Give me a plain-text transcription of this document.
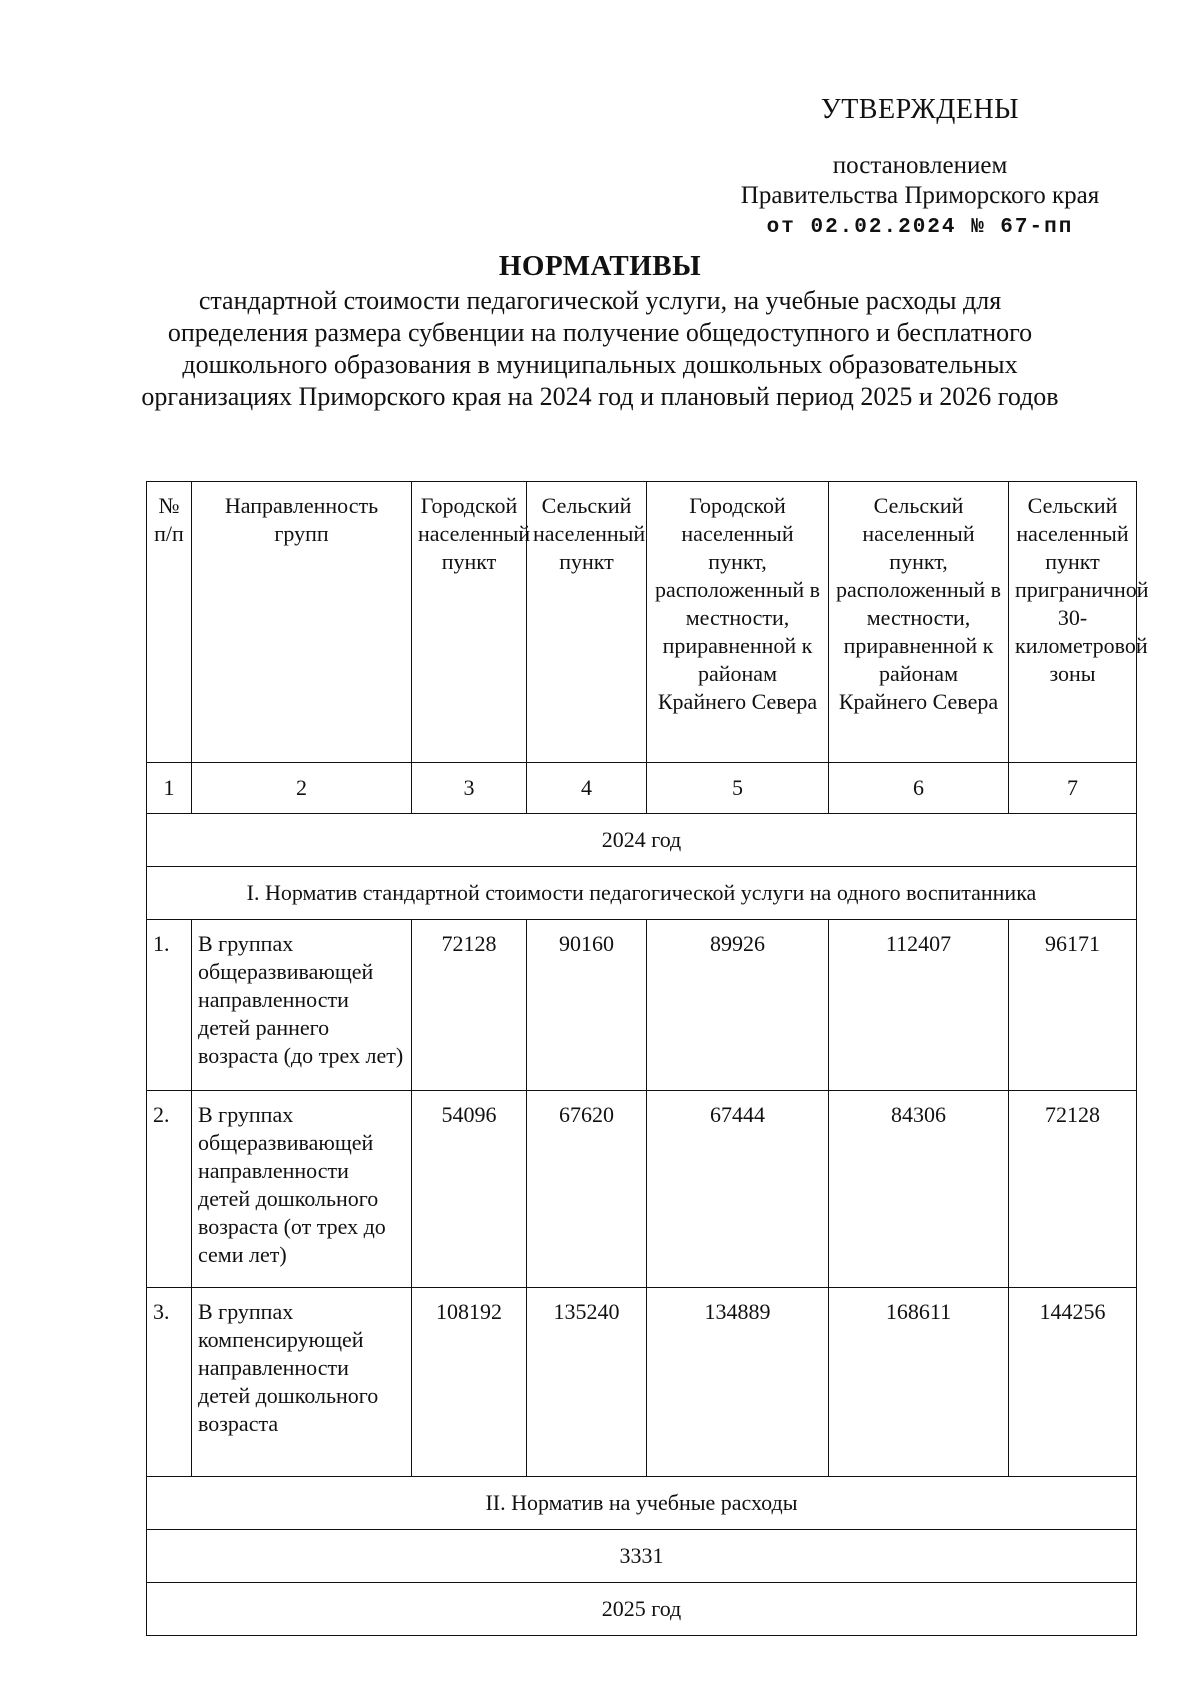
УТВЕРЖДЕНЫ
постановлением
Правительства Приморского края
от 02.02.2024 № 67-пп
НОРМАТИВЫ
стандартной стоимости педагогической услуги, на учебные расходы для определения размера субвенции на получение общедоступного и бесплатного дошкольного образования в муниципальных дошкольных образовательных организациях Приморского края на 2024 год и плановый период 2025 и 2026 годов
№ п/п	Направленность групп	Городской населенный пункт	Сельский населенный пункт	Городской населенный пункт, расположенный в местности, приравненной к районам Крайнего Севера	Сельский населенный пункт, расположенный в местности, приравненной к районам Крайнего Севера	Сельский населенный пункт приграничной 30-километровой зоны
1	2	3	4	5	6	7
2024 год						
I. Норматив стандартной стоимости педагогической услуги на одного воспитанника						
1.	В группах общеразвивающей направленности детей раннего возраста (до трех лет)	72128	90160	89926	112407	96171
2.	В группах общеразвивающей направленности детей дошкольного возраста (от трех до семи лет)	54096	67620	67444	84306	72128
3.	В группах компенсирующей направленности детей дошкольного возраста	108192	135240	134889	168611	144256
II. Норматив на учебные расходы						
3331						
2025 год						
